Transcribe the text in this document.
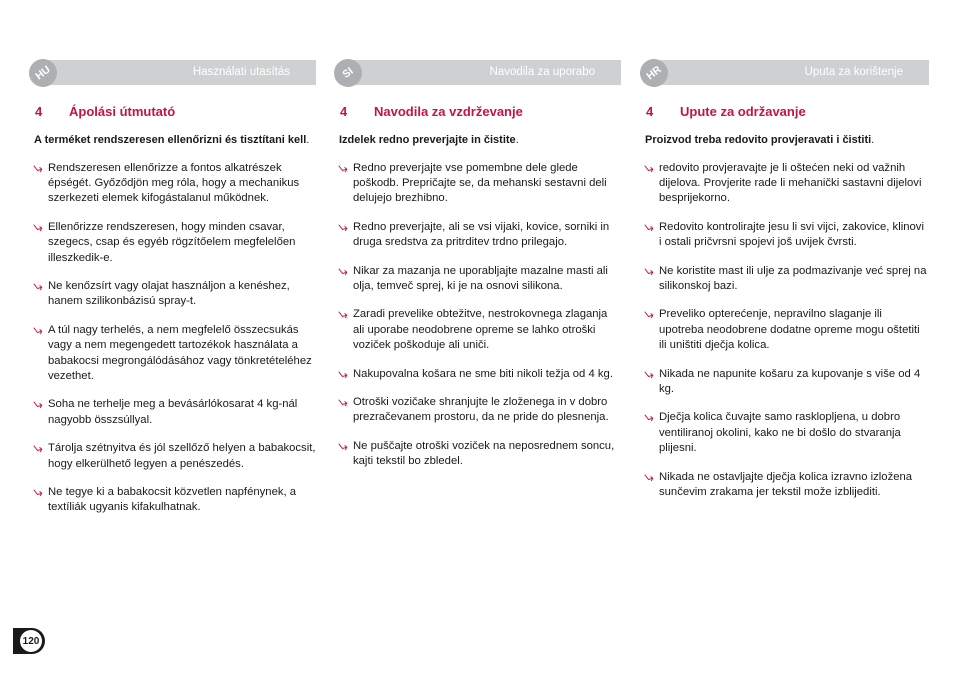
HU	Használati utasítás
4 Ápolási útmutató
A terméket rendszeresen ellenőrizni és tisztítani kell.
Rendszeresen ellenőrizze a fontos alkatrészek épségét. Győződjön meg róla, hogy a mechanikus szerkezeti elemek kifogástalanul működnek.
Ellenőrizze rendszeresen, hogy minden csavar, szegecs, csap és egyéb rögzítőelem megfelelően illeszkedik-e.
Ne kenőzsírt vagy olajat használjon a kenéshez, hanem szilikonbázisú spray-t.
A túl nagy terhelés, a nem megfelelő összecsukás vagy a nem megengedett tartozékok használata a babakocsi megrongálódásához vagy tönkretételéhez vezethet.
Soha ne terhelje meg a bevásárlókosarat 4 kg-nál nagyobb összsúllyal.
Tárolja szétnyitva és jól szellőző helyen a babakocsit, hogy elkerülhető legyen a penészedés.
Ne tegye ki a babakocsit közvetlen napfénynek, a textíliák ugyanis kifakulhatnak.
SI	Navodila za uporabo
4 Navodila za vzdrževanje
Izdelek redno preverjajte in čistite.
Redno preverjajte vse pomembne dele glede poškodb. Prepričajte se, da mehanski sestavni deli delujejo brezhibno.
Redno preverjajte, ali se vsi vijaki, kovice, sorniki in druga sredstva za pritrditev trdno prilegajo.
Nikar za mazanja ne uporabljajte mazalne masti ali olja, temveč sprej, ki je na osnovi silikona.
Zaradi prevelike obtežitve, nestrokovnega zlaganja ali uporabe neodobrene opreme se lahko otroški voziček poškoduje ali uniči.
Nakupovalna košara ne sme biti nikoli težja od 4 kg.
Otroški vozičake shranjujte le zloženega in v dobro prezračevanem prostoru, da ne pride do plesnenja.
Ne puščajte otroški voziček na neposrednem soncu, kajti tekstil bo zbledel.
HR	Uputa za korištenje
4 Upute za održavanje
Proizvod treba redovito provjeravati i čistiti.
redovito provjeravajte je li oštećen neki od važnih dijelova. Provjerite rade li mehanički sastavni dijelovi besprijekorno.
Redovito kontrolirajte jesu li svi vijci, zakovice, klinovi i ostali pričvrsni spojevi još uvijek čvrsti.
Ne koristite mast ili ulje za podmazivanje već sprej na silikonskoj bazi.
Preveliko opterećenje, nepravilno slaganje ili upotreba neodobrene dodatne opreme mogu oštetiti ili uništiti dječja kolica.
Nikada ne napunite košaru za kupovanje s više od 4 kg.
Dječja kolica čuvajte samo rasklopljena, u dobro ventiliranoj okolini, kako ne bi došlo do stvaranja plijesni.
Nikada ne ostavljajte dječja kolica izravno izložena sunčevim zrakama jer tekstil može izblijediti.
120
